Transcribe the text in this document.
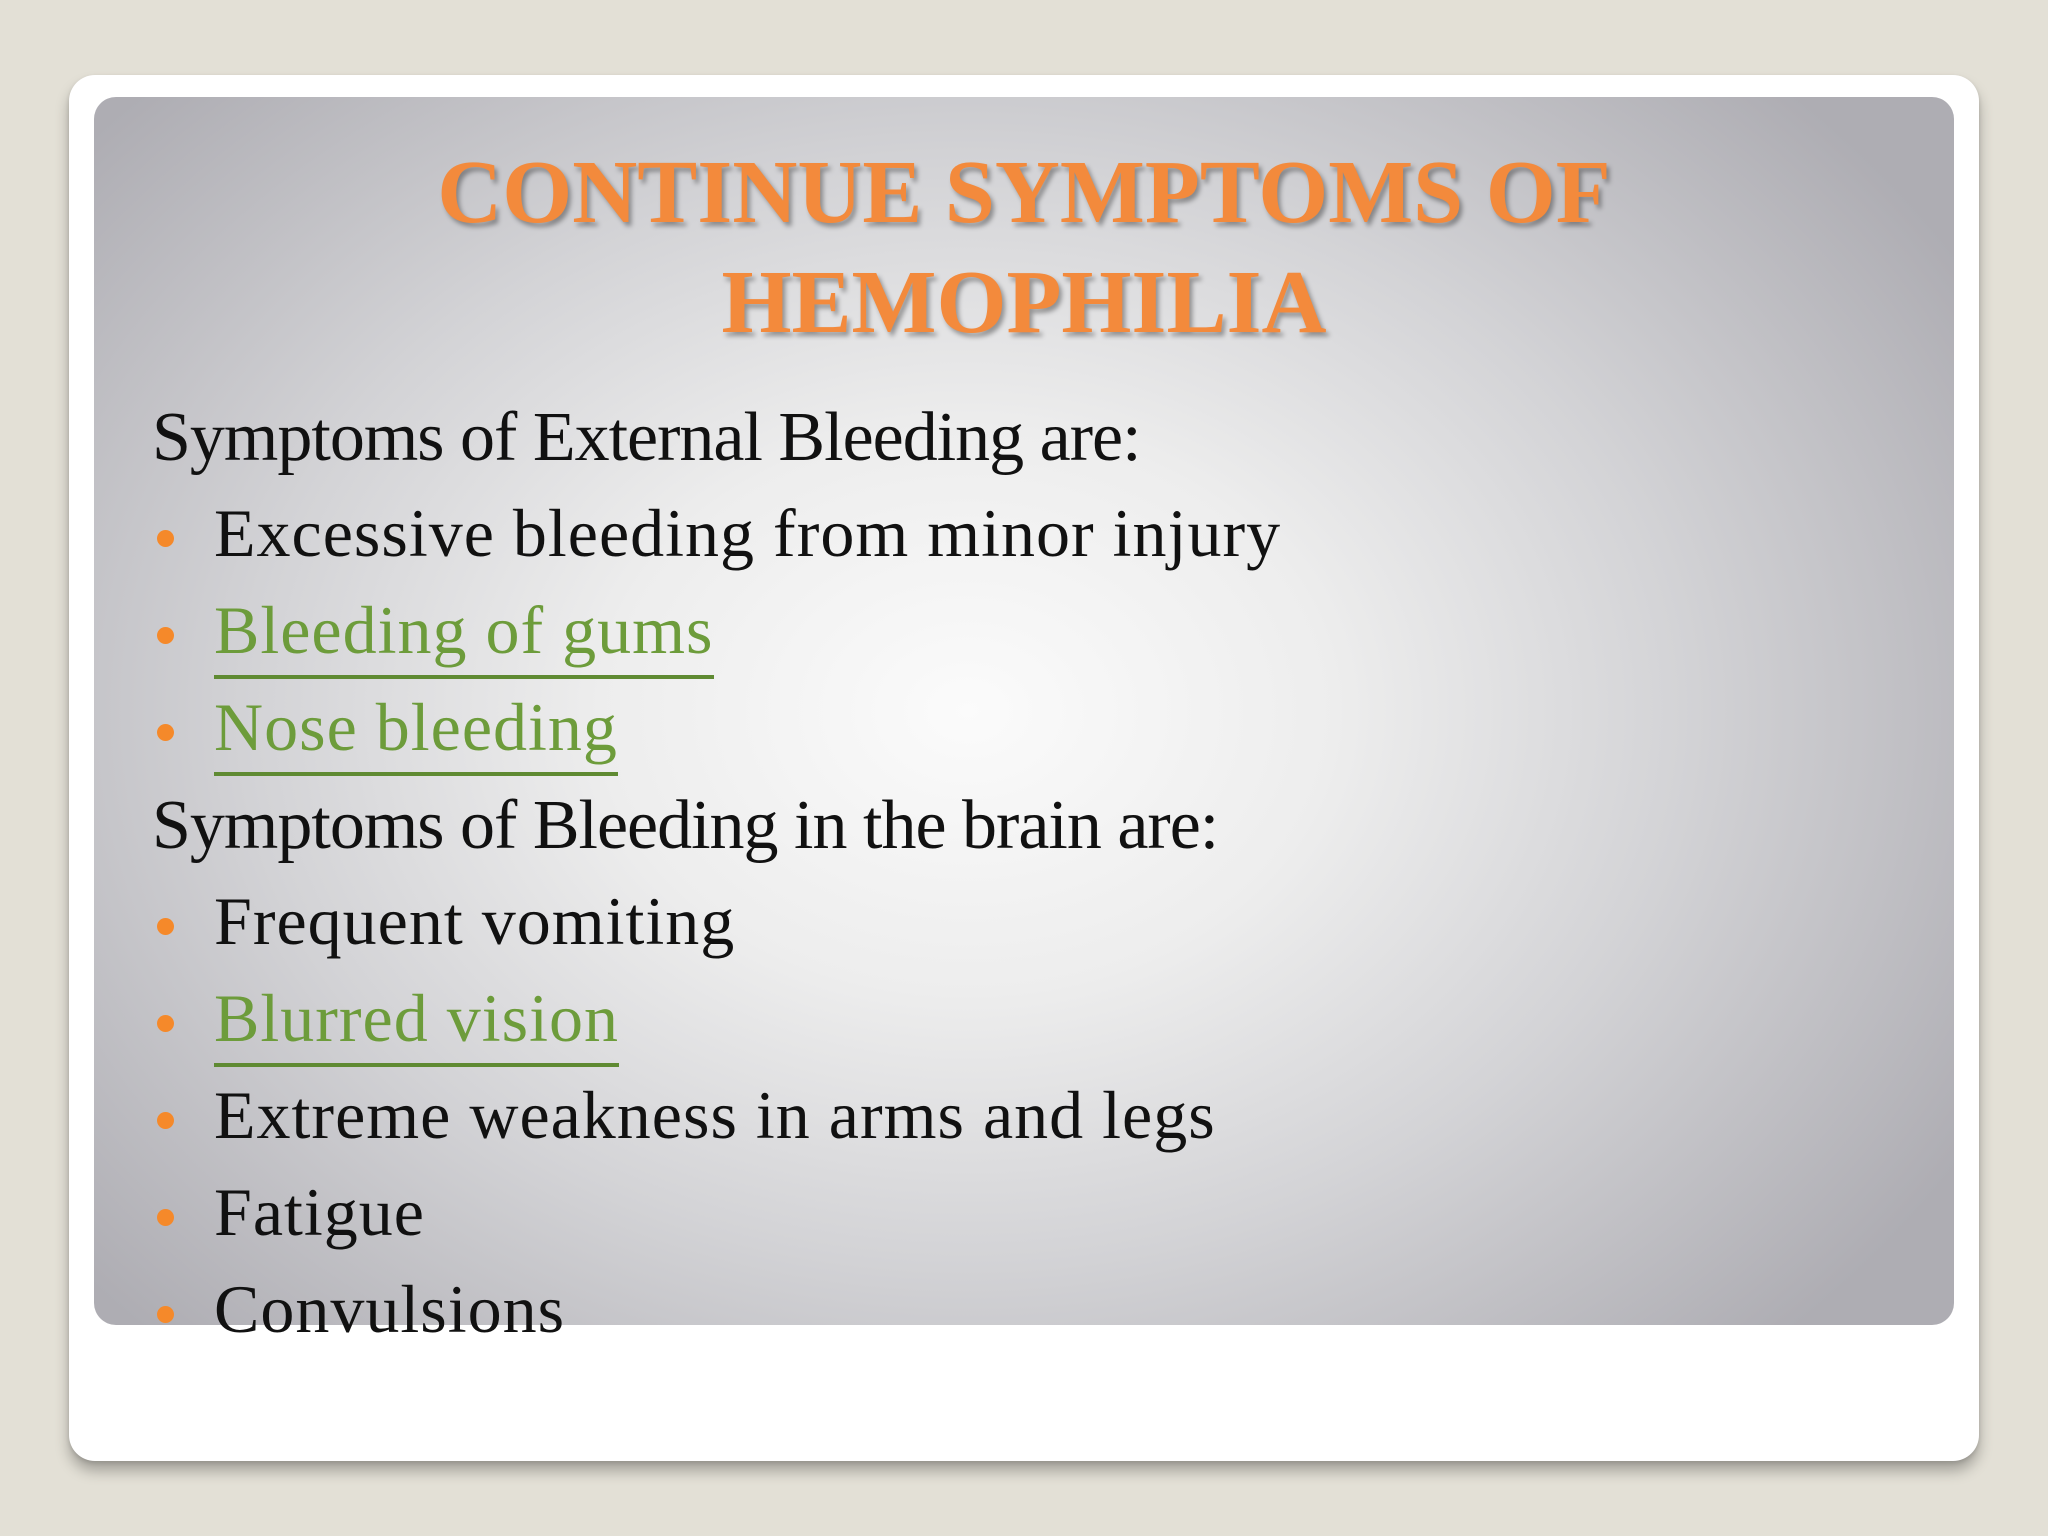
CONTINUE SYMPTOMS OF
HEMOPHILIA
Symptoms of External Bleeding are:
Excessive bleeding from minor injury
Bleeding of gums
Nose bleeding
Symptoms of Bleeding in the brain are:
Frequent vomiting
Blurred vision
Extreme weakness in arms and legs
Fatigue
Convulsions
